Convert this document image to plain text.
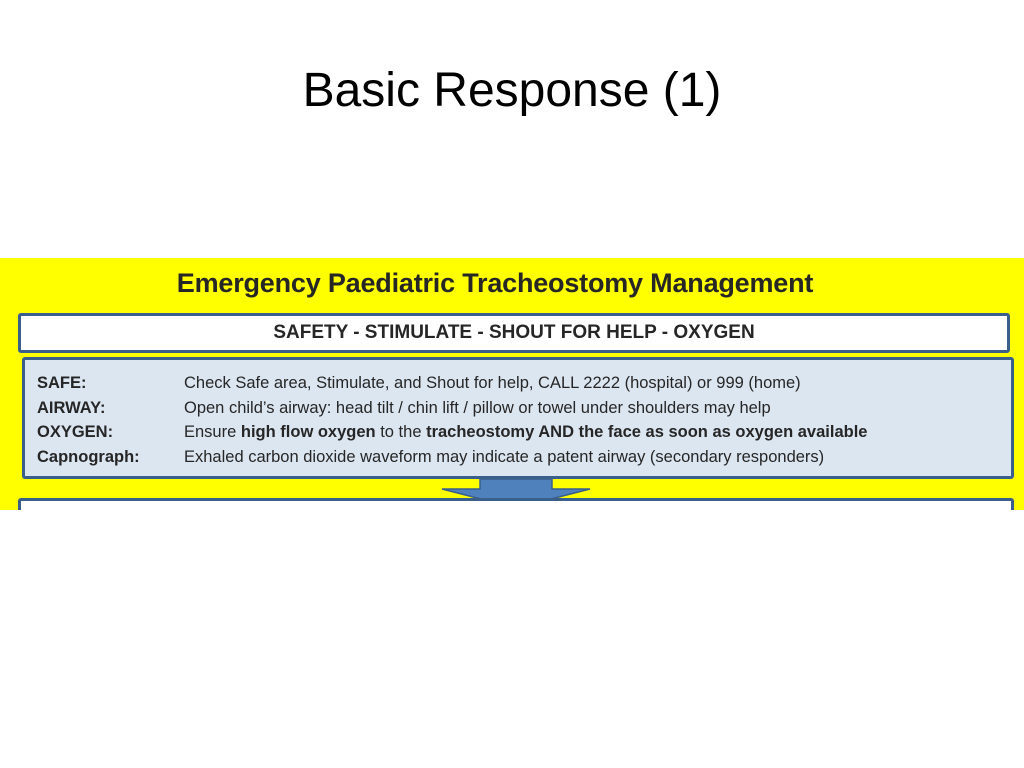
Basic Response (1)
Emergency Paediatric Tracheostomy Management
SAFETY - STIMULATE - SHOUT FOR HELP - OXYGEN
SAFE:	Check Safe area, Stimulate, and Shout for help, CALL 2222 (hospital) or 999 (home)
AIRWAY:	Open child’s airway: head tilt / chin lift / pillow or towel under shoulders may help
OXYGEN:	Ensure high flow oxygen to the tracheostomy AND the face as soon as oxygen available
Capnograph:	Exhaled carbon dioxide waveform may indicate a patent airway (secondary responders)
